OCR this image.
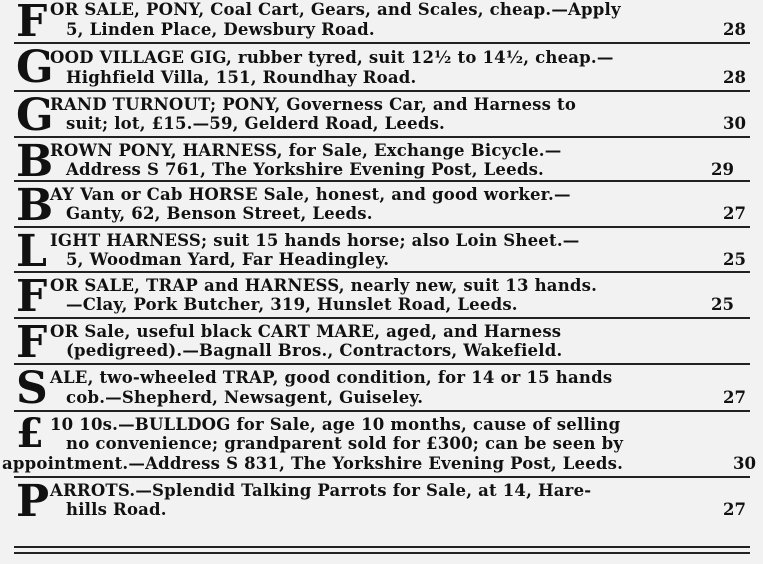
F OR SALE, PONY, Coal Cart, Gears, and Scales, cheap.—Apply
5, Linden Place, Dewsbury Road.	28
G
OOD VILLAGE GIG, rubber tyred, suit 12½ to 14½, cheap.—
Highfield Villa, 151, Roundhay Road.	28
G
RAND TURNOUT; PONY, Governess Car, and Harness to
suit; lot, £15.—59, Gelderd Road, Leeds.	30
B
ROWN PONY, HARNESS, for Sale, Exchange Bicycle.—
Address S 761, The Yorkshire Evening Post, Leeds.	29
B
AY Van or Cab HORSE Sale, honest, and good worker.—
Ganty, 62, Benson Street, Leeds.	27
L IGHT HARNESS; suit 15 hands horse; also Loin Sheet.—
5, Woodman Yard, Far Headingley.	25
F OR SALE, TRAP and HARNESS, nearly new, suit 13 hands.
—Clay, Pork Butcher, 319, Hunslet Road, Leeds.	25
F OR Sale, useful black CART MARE, aged, and Harness
(pedigreed).—Bagnall Bros., Contractors, Wakefield.
S ALE, two-wheeled TRAP, good condition, for 14 or 15 hands
cob.—Shepherd, Newsagent, Guiseley.	27
£ 10 10s.—BULLDOG for Sale, age 10 months, cause of selling
no convenience; grandparent sold for £300; can be seen by
appointment.—Address S 831, The Yorkshire Evening Post, Leeds.	30
P ARROTS.—Splendid Talking Parrots for Sale, at 14, Hare-
hills Road.	27
